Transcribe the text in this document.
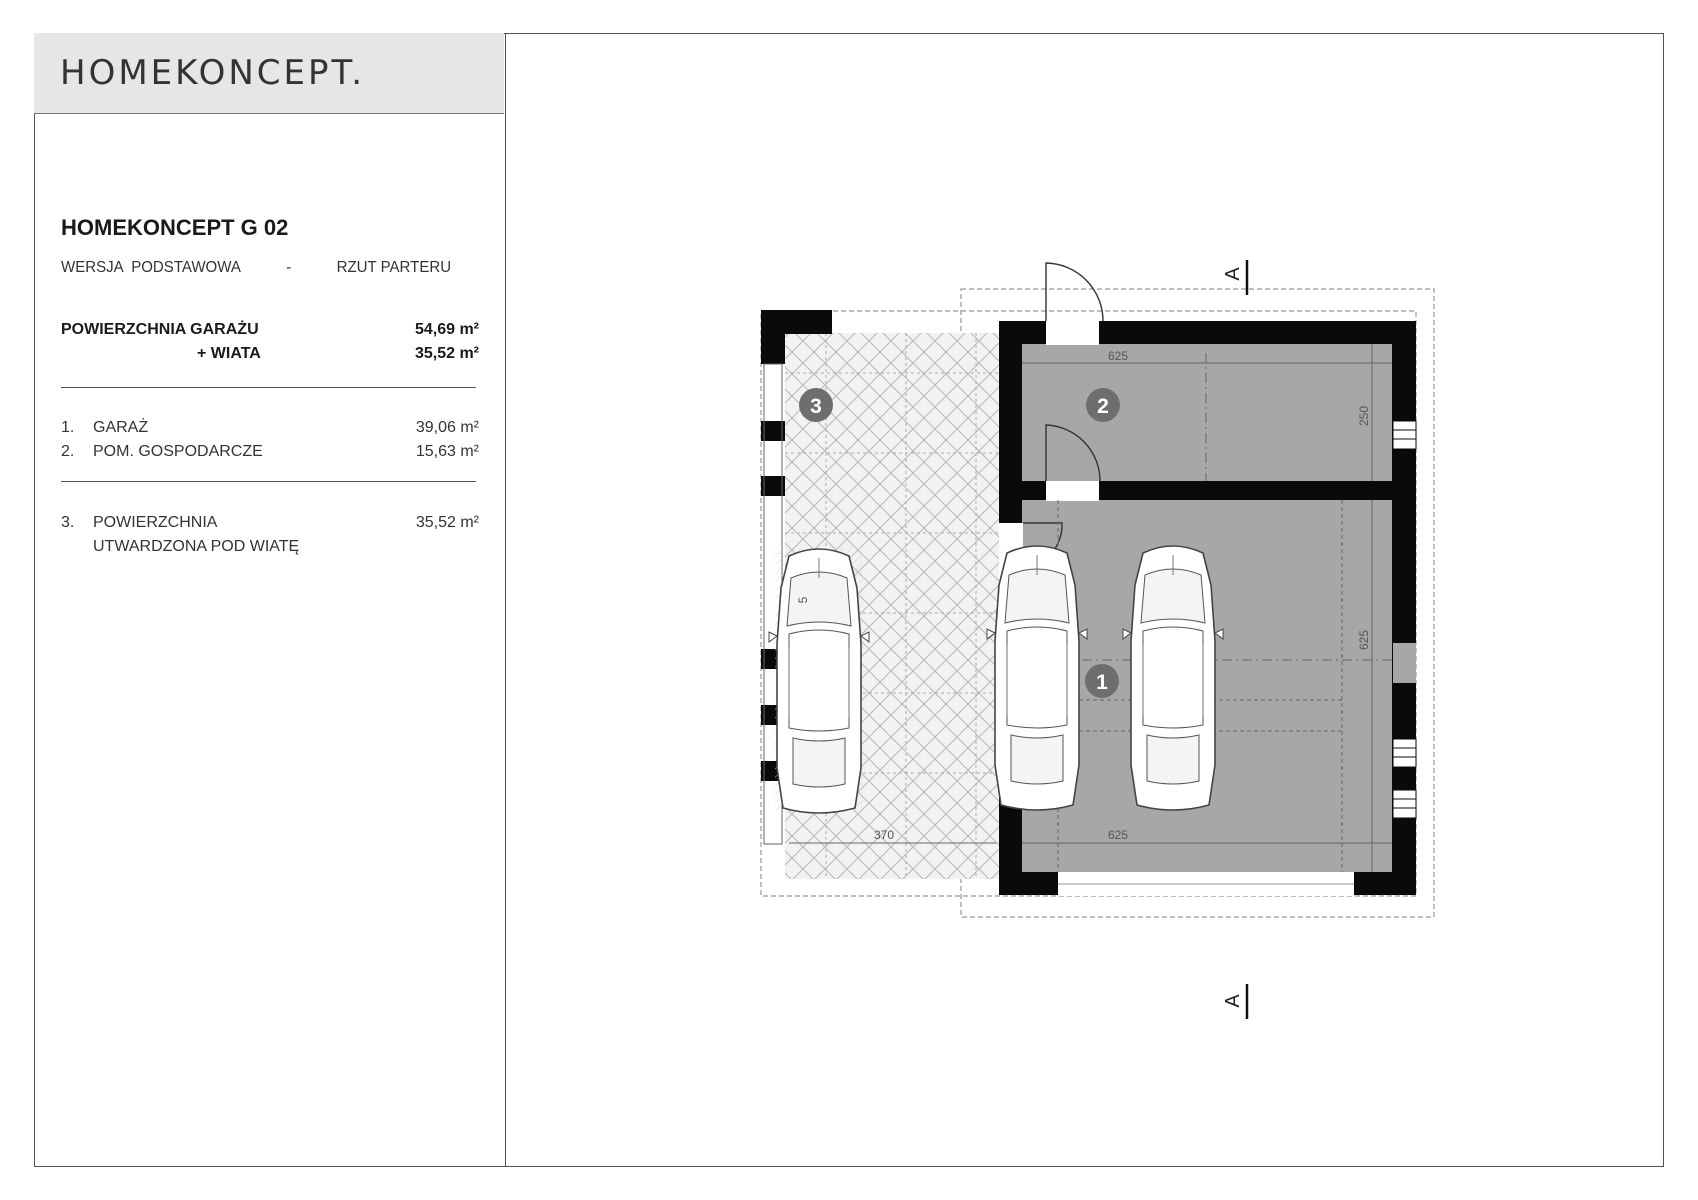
HOMEKONCEPT.
HOMEKONCEPT G 02
WERSJA  PODSTAWOWA	-	RZUT PARTERU
POWIERZCHNIA GARAŻU	54,69 m²
+ WIATA	35,52 m²
1. GARAŻ	39,06 m²
2. POM. GOSPODARCZE	15,63 m²
3. POWIERZCHNIA	35,52 m²
UTWARDZONA POD WIATĘ
3	2
1
625
625
370
250
625
5
A
A
